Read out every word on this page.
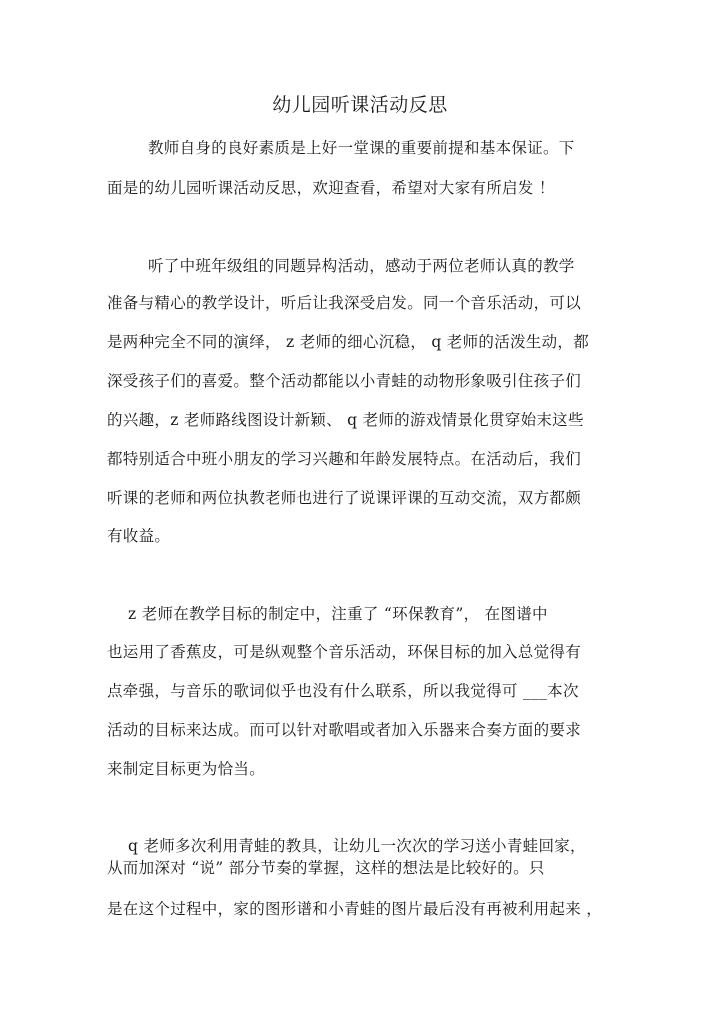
幼儿园听课活动反思
教师自身的良好素质是上好一堂课的重要前提和基本保证。下
面是的幼儿园听课活动反思，欢迎查看，希望对大家有所启发 ！
听了中班年级组的同题异构活动，感动于两位老师认真的教学
准备与精心的教学设计，听后让我深受启发。同一个音乐活动，可以
是两种完全不同的演绎， z 老师的细心沉稳， q 老师的活泼生动，都
深受孩子们的喜爱。整个活动都能以小青蛙的动物形象吸引住孩子们
的兴趣，z 老师路线图设计新颖、 q 老师的游戏情景化贯穿始末这些
都特别适合中班小朋友的学习兴趣和年龄发展特点。在活动后，我们
听课的老师和两位执教老师也进行了说课评课的互动交流，双方都颇
有收益。
z 老师在教学目标的制定中，注重了 “环保教育”， 在图谱中
也运用了香蕉皮，可是纵观整个音乐活动，环保目标的加入总觉得有
点牵强，与音乐的歌词似乎也没有什么联系，所以我觉得可 ___本次
活动的目标来达成。而可以针对歌唱或者加入乐器来合奏方面的要求
来制定目标更为恰当。
q 老师多次利用青蛙的教具，让幼儿一次次的学习送小青蛙回家，
从而加深对 “说” 部分节奏的掌握，这样的想法是比较好的。只
是在这个过程中，家的图形谱和小青蛙的图片最后没有再被利用起来 ，
